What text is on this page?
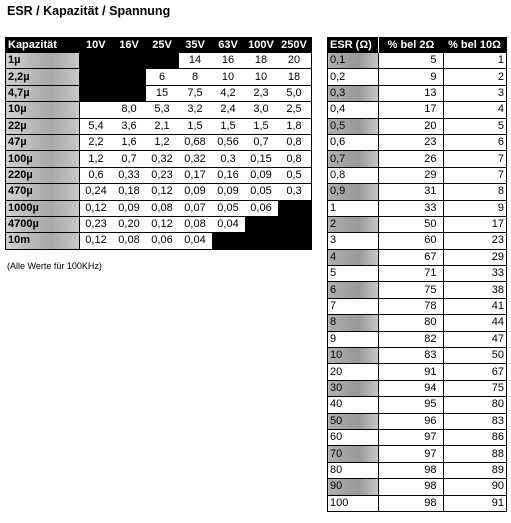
ESR / Kapazität / Spannung
Kapazität	10V	16V	25V	35V	63V	100V	250V
1µ				14	16	18	20
2,2µ			6	8	10	10	18
4,7µ			15	7,5	4,2	2,3	5,0
10µ		8,0	5,3	3,2	2,4	3,0	2,5
22µ	5,4	3,6	2,1	1,5	1,5	1,5	1,8
47µ	2,2	1,6	1,2	0,68	0,56	0,7	0,8
100µ	1,2	0,7	0,32	0,32	0,3	0,15	0,8
220µ	0,6	0,33	0,23	0,17	0,16	0,09	0,5
470µ	0,24	0,18	0,12	0,09	0,09	0,05	0,3
1000µ	0,12	0,09	0,08	0,07	0,05	0,06	
4700µ	0,23	0,20	0,12	0,08	0,04		
10m	0,12	0,08	0,06	0,04			
(Alle Werte für 100KHz)
ESR (Ω)	% bel 2Ω	% bel 10Ω
0,1	5	1
0,2	9	2
0,3	13	3
0,4	17	4
0,5	20	5
0,6	23	6
0,7	26	7
0,8	29	7
0,9	31	8
1	33	9
2	50	17
3	60	23
4	67	29
5	71	33
6	75	38
7	78	41
8	80	44
9	82	47
10	83	50
20	91	67
30	94	75
40	95	80
50	96	83
60	97	86
70	97	88
80	98	89
90	98	90
100	98	91
